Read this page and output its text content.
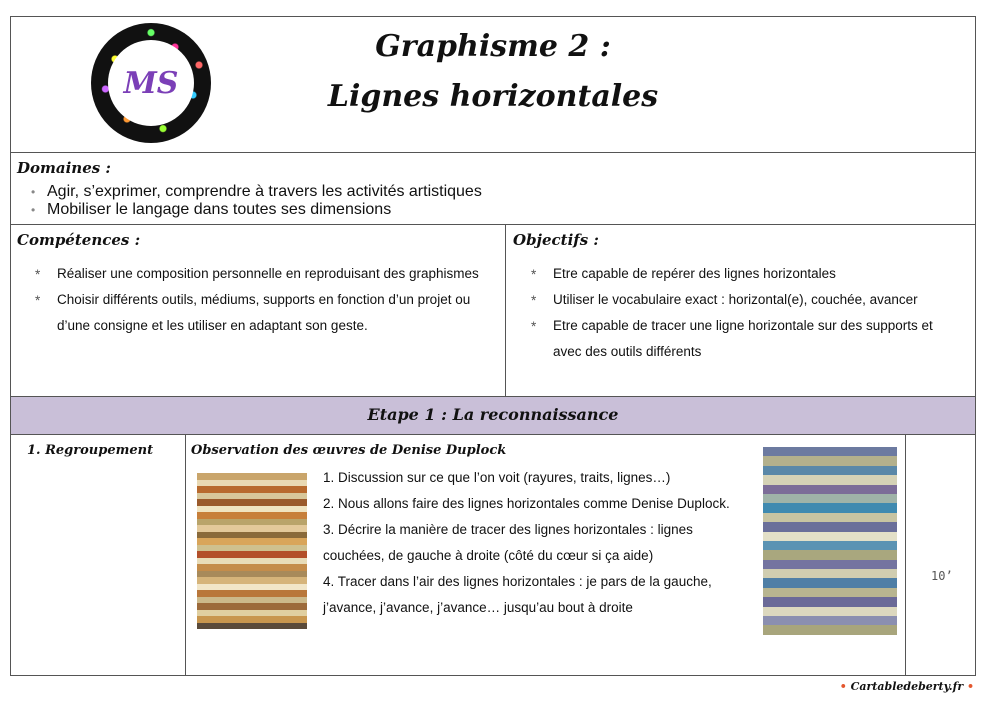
MS
Graphisme 2 :
Lignes horizontales
Domaines :
• Agir, s’exprimer, comprendre à travers les activités artistiques
• Mobiliser le langage dans toutes ses dimensions
Compétences :
* Réaliser une composition personnelle en reproduisant des graphismes
* Choisir différents outils, médiums, supports en fonction d’un projet ou d’une consigne et les utiliser en adaptant son geste.
Objectifs :
* Etre capable de repérer des lignes horizontales
* Utiliser le vocabulaire exact : horizontal(e), couchée, avancer
* Etre capable de tracer une ligne horizontale sur des supports et avec des outils différents
Etape 1 : La reconnaissance
1. Regroupement	Observation des œuvres de Denise Duplock

1. Discussion sur ce que l’on voit (rayures, traits, lignes…)

2. Nous allons faire des lignes horizontales comme Denise Duplock.

3. Décrire la manière de tracer des lignes horizontales : lignes couchées, de gauche à droite (côté du cœur si ça aide)

4. Tracer dans l’air des lignes horizontales : je pars de la gauche, j’avance, j’avance, j’avance… jusqu’au bout à droite

10’
• Cartabledeberty.fr •
